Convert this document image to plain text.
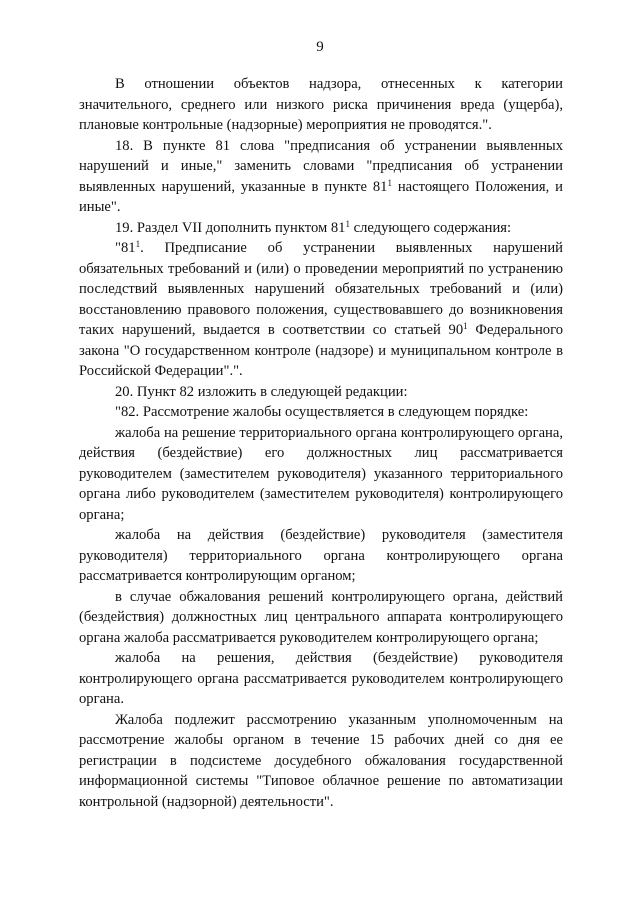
9

В отношении объектов надзора, отнесенных к категории значительного, среднего или низкого риска причинения вреда (ущерба), плановые контрольные (надзорные) мероприятия не проводятся.".

18. В пункте 81 слова "предписания об устранении выявленных нарушений и иные," заменить словами "предписания об устранении выявленных нарушений, указанные в пункте $81^1$ настоящего Положения, и иные".

19. Раздел VII дополнить пунктом $81^1$ следующего содержания:

"$81^1$. Предписание об устранении выявленных нарушений обязательных требований и (или) о проведении мероприятий по устранению последствий выявленных нарушений обязательных требований и (или) восстановлению правового положения, существовавшего до возникновения таких нарушений, выдается в соответствии со статьей $90^1$ Федерального закона "О государственном контроле (надзоре) и муниципальном контроле в Российской Федерации".".

20. Пункт 82 изложить в следующей редакции:

"82. Рассмотрение жалобы осуществляется в следующем порядке:

жалоба на решение территориального органа контролирующего органа, действия (бездействие) его должностных лиц рассматривается руководителем (заместителем руководителя) указанного территориального органа либо руководителем (заместителем руководителя) контролирующего органа;

жалоба на действия (бездействие) руководителя (заместителя руководителя) территориального органа контролирующего органа рассматривается контролирующим органом;

в случае обжалования решений контролирующего органа, действий (бездействия) должностных лиц центрального аппарата контролирующего органа жалоба рассматривается руководителем контролирующего органа;

жалоба на решения, действия (бездействие) руководителя контролирующего органа рассматривается руководителем контролирующего органа.

Жалоба подлежит рассмотрению указанным уполномоченным на рассмотрение жалобы органом в течение 15 рабочих дней со дня ее регистрации в подсистеме досудебного обжалования государственной информационной системы "Типовое облачное решение по автоматизации контрольной (надзорной) деятельности".
